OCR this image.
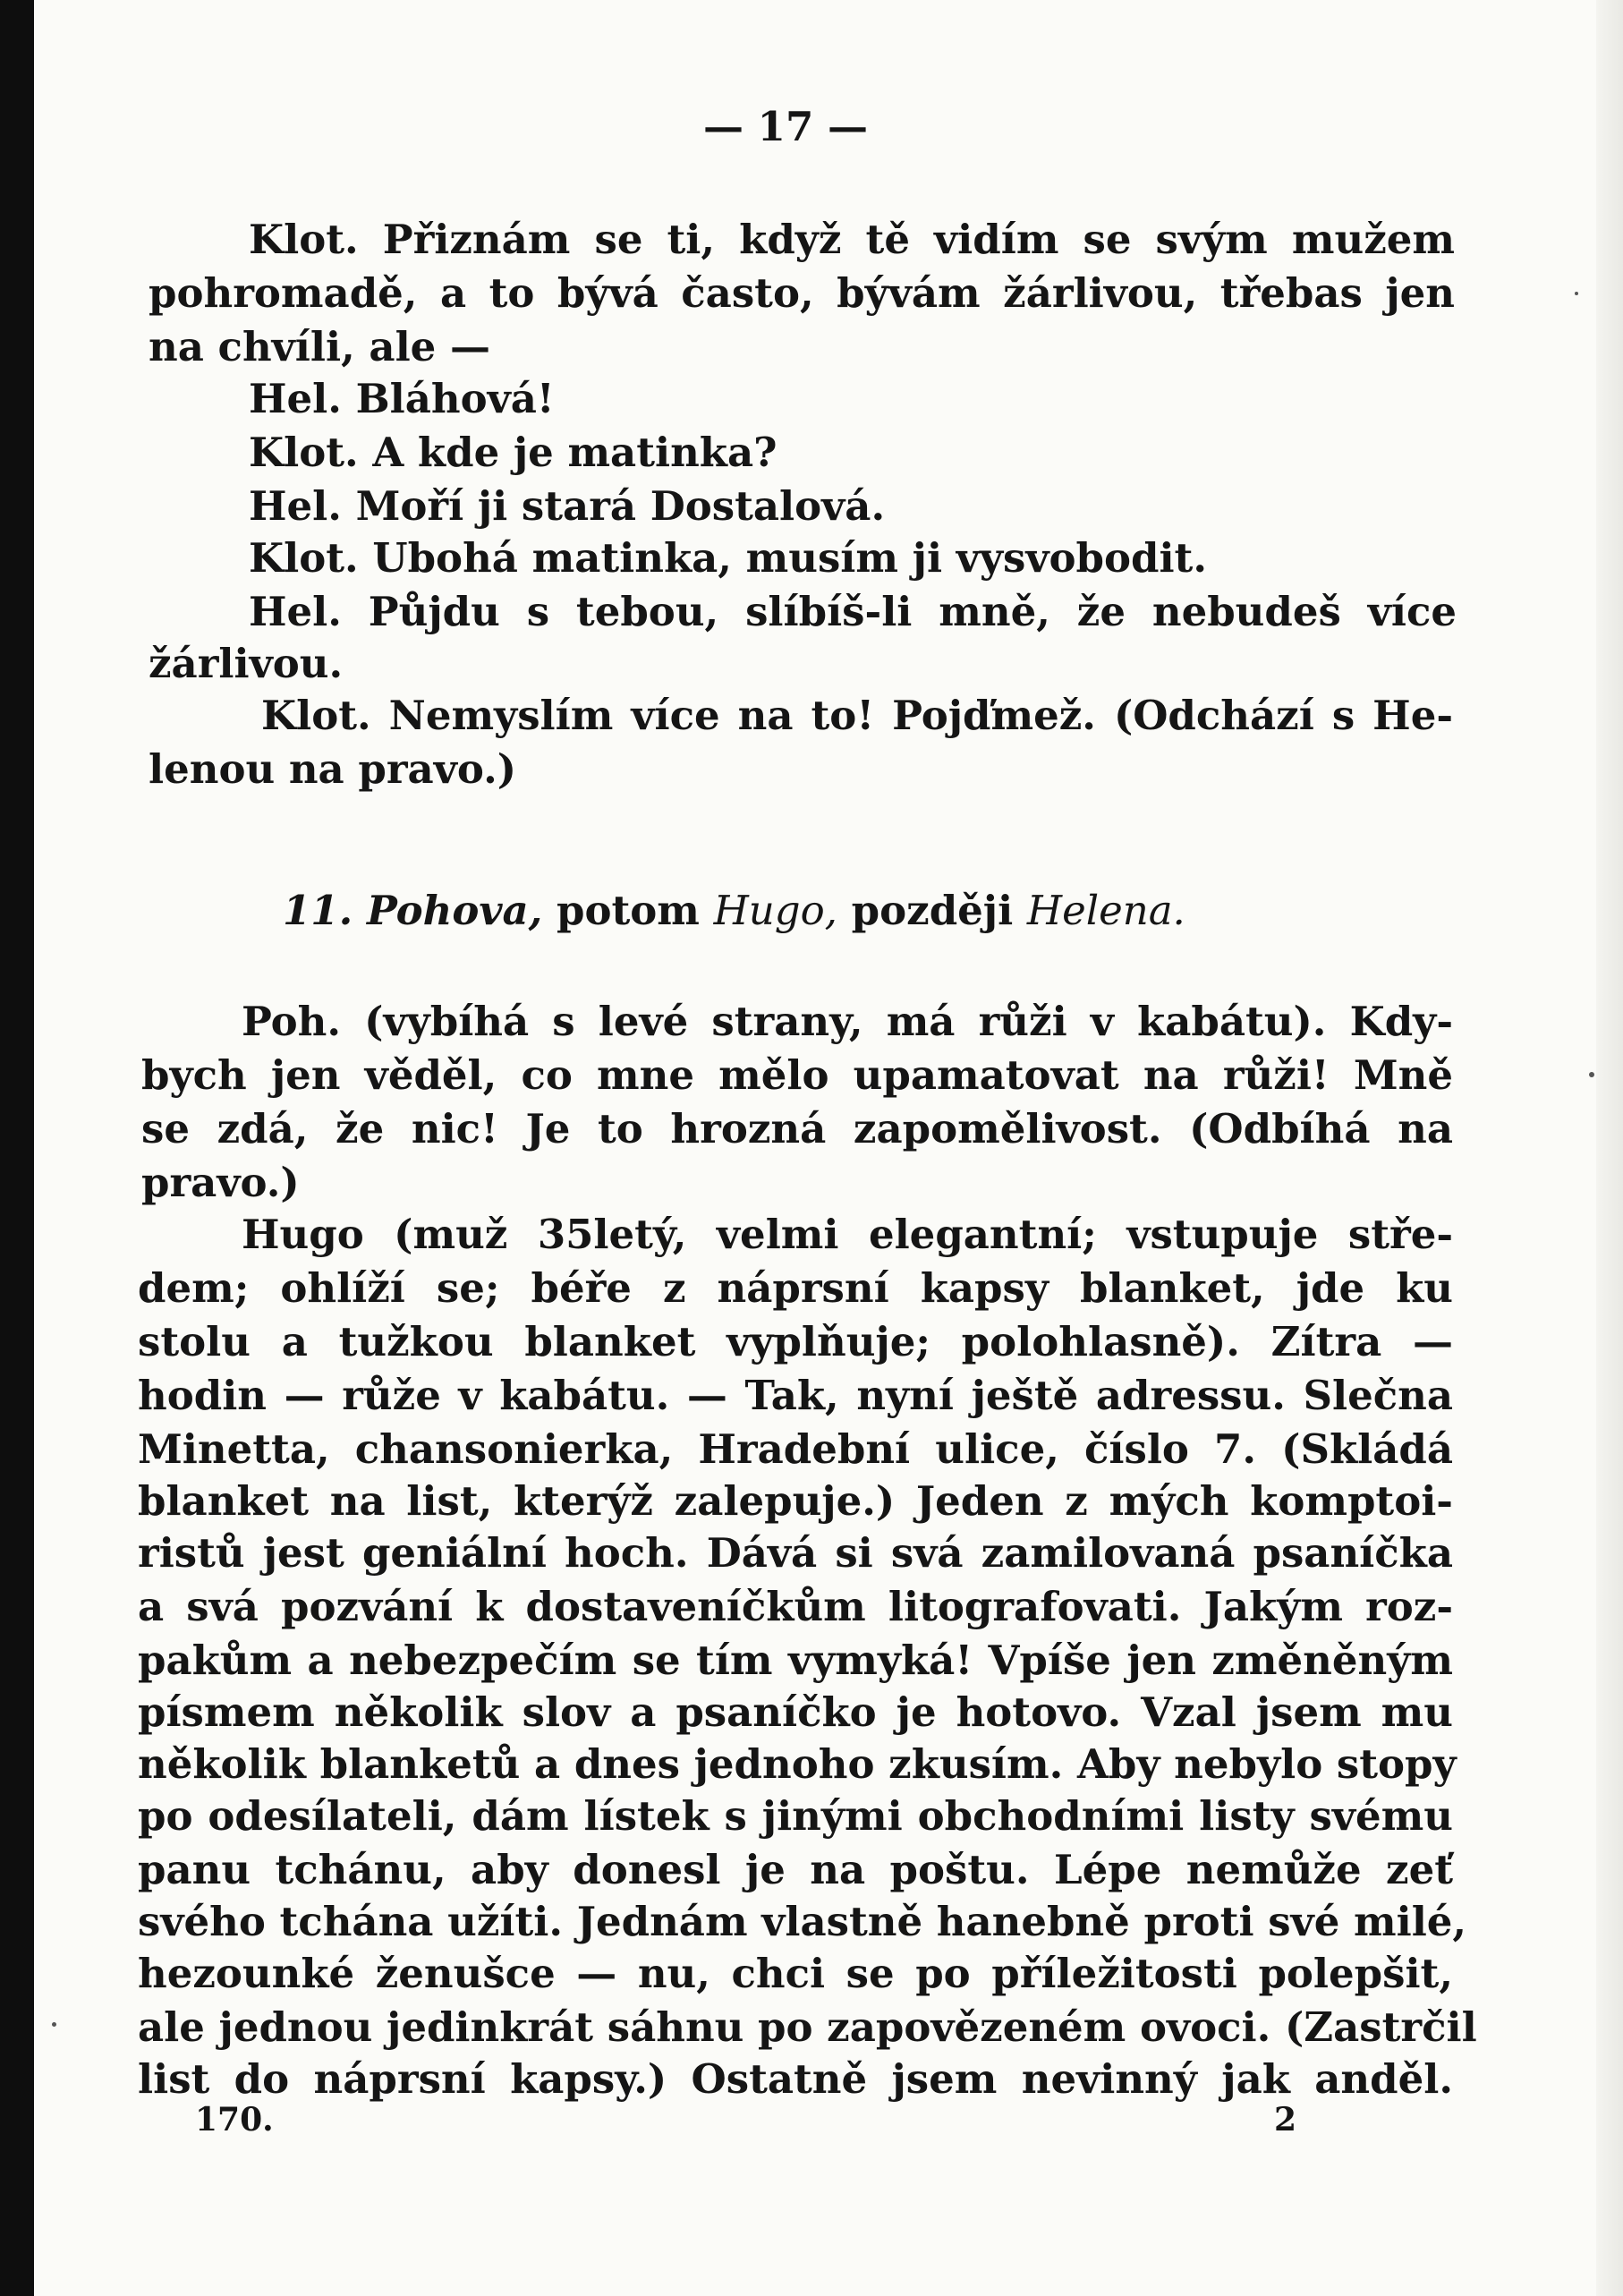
— 17 —
Klot. Přiznám se ti, když tě vidím se svým mužem
pohromadě, a to bývá často, bývám žárlivou, třebas jen
na chvíli, ale —
Hel. Bláhová!
Klot. A kde je matinka?
Hel. Moří ji stará Dostalová.
Klot. Ubohá matinka, musím ji vysvobodit.
Hel. Půjdu s tebou, slíbíš-li mně, že nebudeš více
žárlivou.
Klot. Nemyslím více na to! Pojďmež. (Odchází s He-
lenou na pravo.)
11. Pohova, potom Hugo, později Helena.
Poh. (vybíhá s levé strany, má růži v kabátu). Kdy-
bych jen věděl, co mne mělo upamatovat na růži! Mně
se zdá, že nic! Je to hrozná zapomělivost. (Odbíhá na
pravo.)
Hugo (muž 35letý, velmi elegantní; vstupuje stře-
dem; ohlíží se; béře z náprsní kapsy blanket, jde ku
stolu a tužkou blanket vyplňuje; polohlasně). Zítra —
hodin — růže v kabátu. — Tak, nyní ještě adressu. Slečna
Minetta, chansonierka, Hradební ulice, číslo 7. (Skládá
blanket na list, kterýž zalepuje.) Jeden z mých komptoi-
ristů jest geniální hoch. Dává si svá zamilovaná psaníčka
a svá pozvání k dostaveníčkům litografovati. Jakým roz-
pakům a nebezpečím se tím vymyká! Vpíše jen změněným
písmem několik slov a psaníčko je hotovo. Vzal jsem mu
několik blanketů a dnes jednoho zkusím. Aby nebylo stopy
po odesílateli, dám lístek s jinými obchodními listy svému
panu tchánu, aby donesl je na poštu. Lépe nemůže zeť
svého tchána užíti. Jednám vlastně hanebně proti své milé,
hezounké ženušce — nu, chci se po příležitosti polepšit,
ale jednou jedinkrát sáhnu po zapovězeném ovoci. (Zastrčil
list do náprsní kapsy.) Ostatně jsem nevinný jak anděl.
170.	2
